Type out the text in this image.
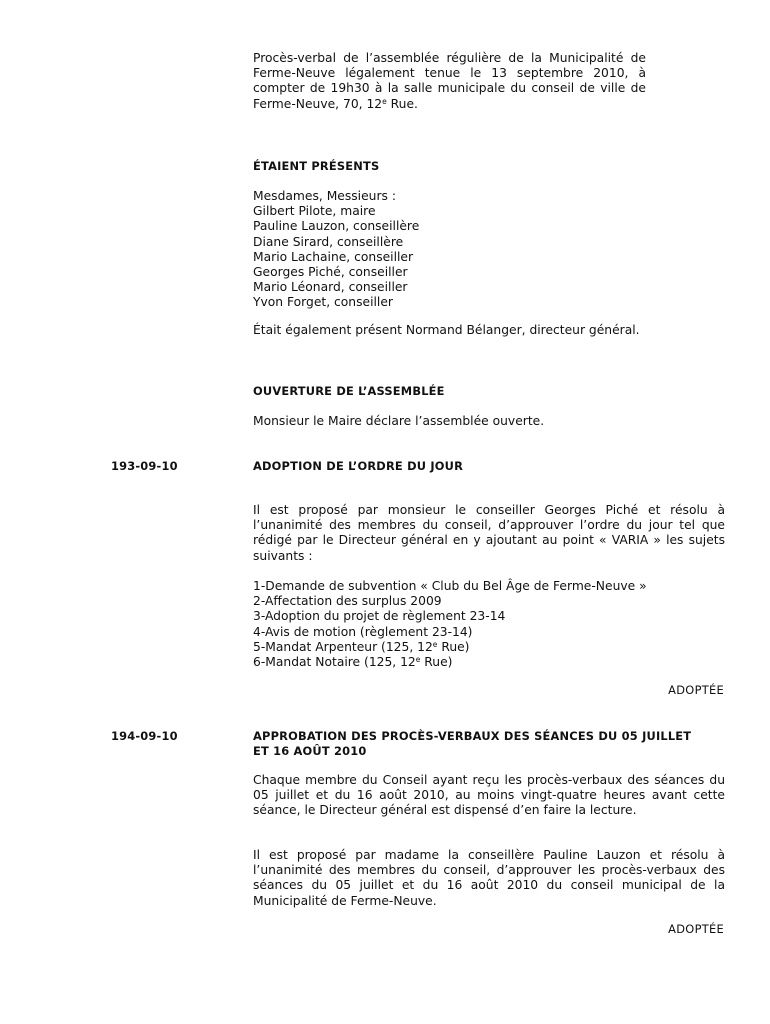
Procès-verbal de l’assemblée régulière de la Municipalité de Ferme-Neuve légalement tenue le 13 septembre 2010, à compter de 19h30 à la salle municipale du conseil de ville de Ferme-Neuve, 70, 12e Rue.

ÉTAIENT PRÉSENTS

Mesdames, Messieurs :

Gilbert Pilote, maire

Pauline Lauzon, conseillère

Diane Sirard, conseillère

Mario Lachaine, conseiller

Georges Piché, conseiller

Mario Léonard, conseiller

Yvon Forget, conseiller

Était également présent Normand Bélanger, directeur général.

OUVERTURE DE L’ASSEMBLÉE

Monsieur le Maire déclare l’assemblée ouverte.

193-09-10	ADOPTION DE L’ORDRE DU JOUR

Il est proposé par monsieur le conseiller Georges Piché et résolu à l’unanimité des membres du conseil, d’approuver l’ordre du jour tel que rédigé par le Directeur général en y ajoutant au point « VARIA » les sujets suivants :

1-Demande de subvention « Club du Bel Âge de Ferme-Neuve »

2-Affectation des surplus 2009

3-Adoption du projet de règlement 23-14

4-Avis de motion (règlement 23-14)

5-Mandat Arpenteur (125, 12e Rue)

6-Mandat Notaire (125, 12e Rue)

ADOPTÉE
194-09-10	APPROBATION DES PROCÈS-VERBAUX DES SÉANCES DU 05 JUILLET

ET 16 AOÛT 2010

Chaque membre du Conseil ayant reçu les procès-verbaux des séances du 05 juillet et du 16 août 2010, au moins vingt-quatre heures avant cette séance, le Directeur général est dispensé d’en faire la lecture.

Il est proposé par madame la conseillère Pauline Lauzon et résolu à l’unanimité des membres du conseil, d’approuver les procès-verbaux des séances du 05 juillet et du 16 août 2010 du conseil municipal de la Municipalité de Ferme-Neuve.

ADOPTÉE
